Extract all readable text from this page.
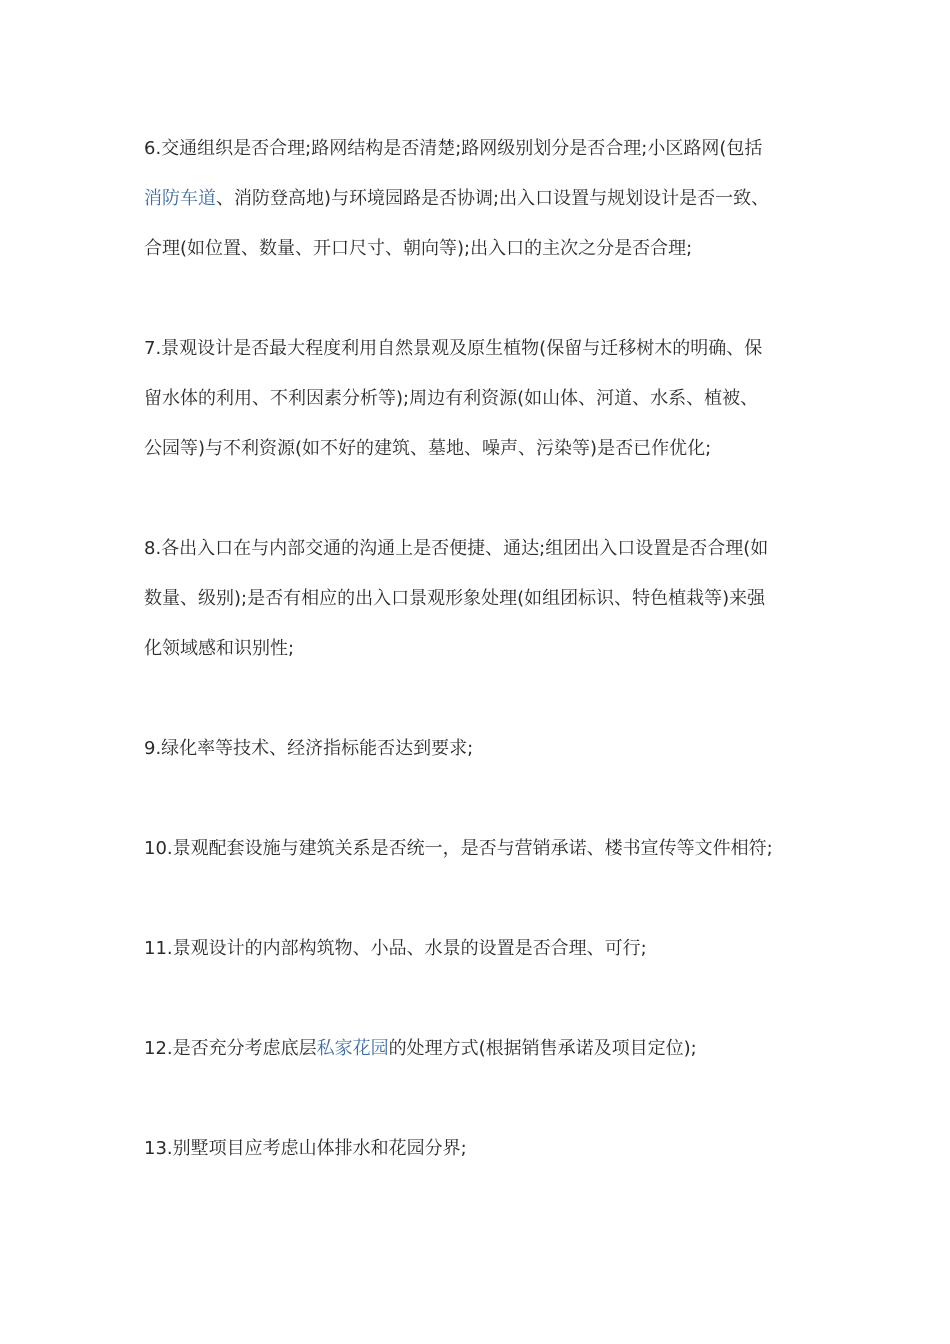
6.交通组织是否合理;路网结构是否清楚;路网级别划分是否合理;小区路网(包括
消防车道、消防登高地)与环境园路是否协调;出入口设置与规划设计是否一致、
合理(如位置、数量、开口尺寸、朝向等);出入口的主次之分是否合理;
7.景观设计是否最大程度利用自然景观及原生植物(保留与迁移树木的明确、保
留水体的利用、不利因素分析等);周边有利资源(如山体、河道、水系、植被、
公园等)与不利资源(如不好的建筑、墓地、噪声、污染等)是否已作优化;
8.各出入口在与内部交通的沟通上是否便捷、通达;组团出入口设置是否合理(如
数量、级别);是否有相应的出入口景观形象处理(如组团标识、特色植栽等)来强
化领域感和识别性;
9.绿化率等技术、经济指标能否达到要求;
10.景观配套设施与建筑关系是否统一，是否与营销承诺、楼书宣传等文件相符;
11.景观设计的内部构筑物、小品、水景的设置是否合理、可行;
12.是否充分考虑底层私家花园的处理方式(根据销售承诺及项目定位);
13.别墅项目应考虑山体排水和花园分界;
